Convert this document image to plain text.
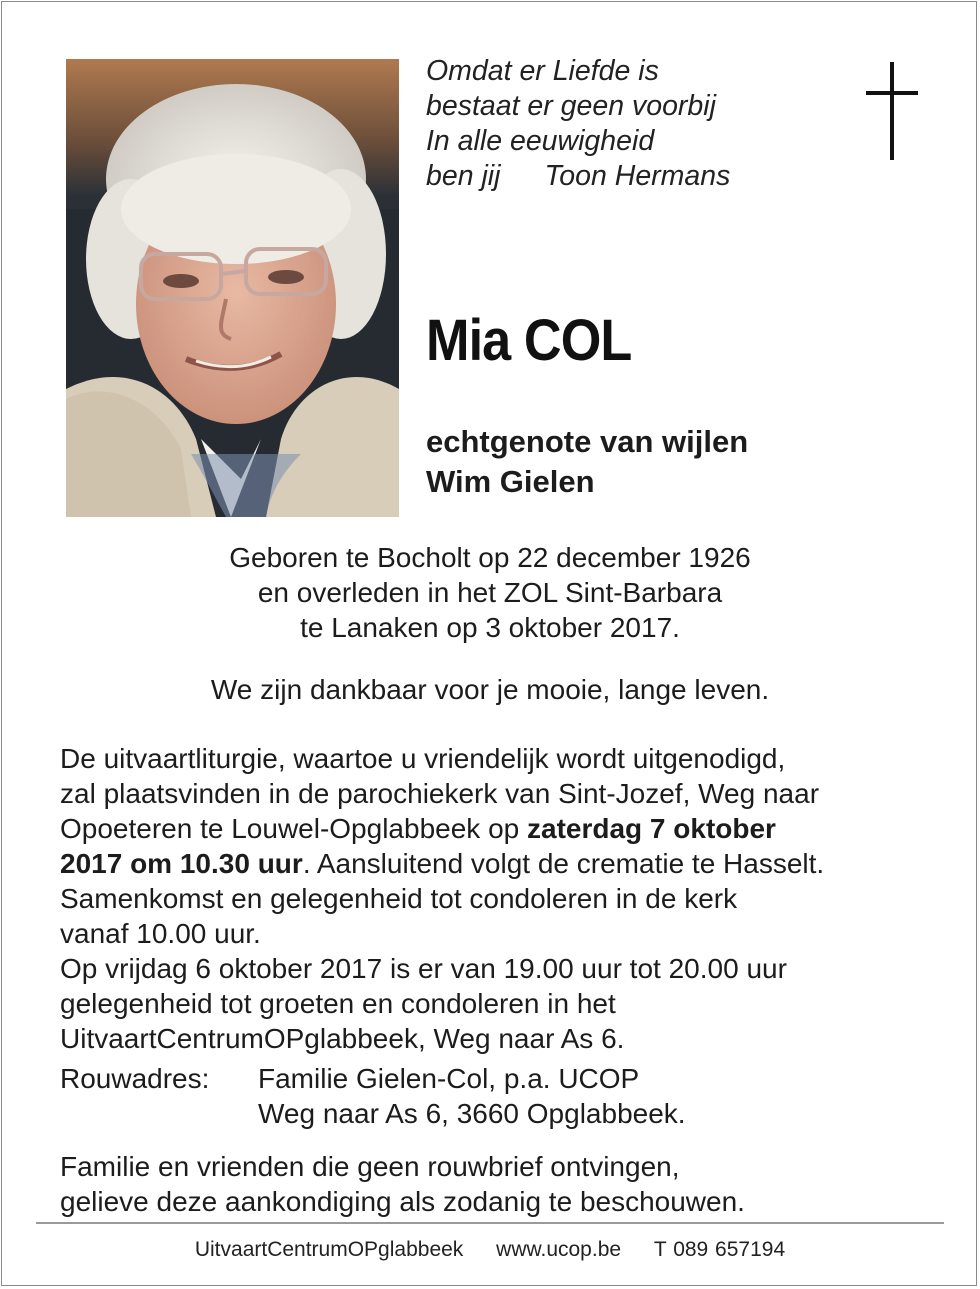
Omdat er Liefde is
bestaat er geen voorbij
In alle eeuwigheid
ben jij Toon Hermans
Mia COL
echtgenote van wijlen
Wim Gielen
Geboren te Bocholt op 22 december 1926
en overleden in het ZOL Sint-Barbara
te Lanaken op 3 oktober 2017.
We zijn dankbaar voor je mooie, lange leven.
De uitvaartliturgie, waartoe u vriendelijk wordt uitgenodigd,
zal plaatsvinden in de parochiekerk van Sint-Jozef, Weg naar
Opoeteren te Louwel-Opglabbeek op zaterdag 7 oktober
2017 om 10.30 uur. Aansluitend volgt de crematie te Hasselt.
Samenkomst en gelegenheid tot condoleren in de kerk
vanaf 10.00 uur.
Op vrijdag 6 oktober 2017 is er van 19.00 uur tot 20.00 uur
gelegenheid tot groeten en condoleren in het
UitvaartCentrumOPglabbeek, Weg naar As 6.
Rouwadres: Familie Gielen-Col, p.a. UCOP
Weg naar As 6, 3660 Opglabbeek.
Familie en vrienden die geen rouwbrief ontvingen,
gelieve deze aankondiging als zodanig te beschouwen.
UitvaartCentrumOPglabbeek www.ucop.be T 089 657194
